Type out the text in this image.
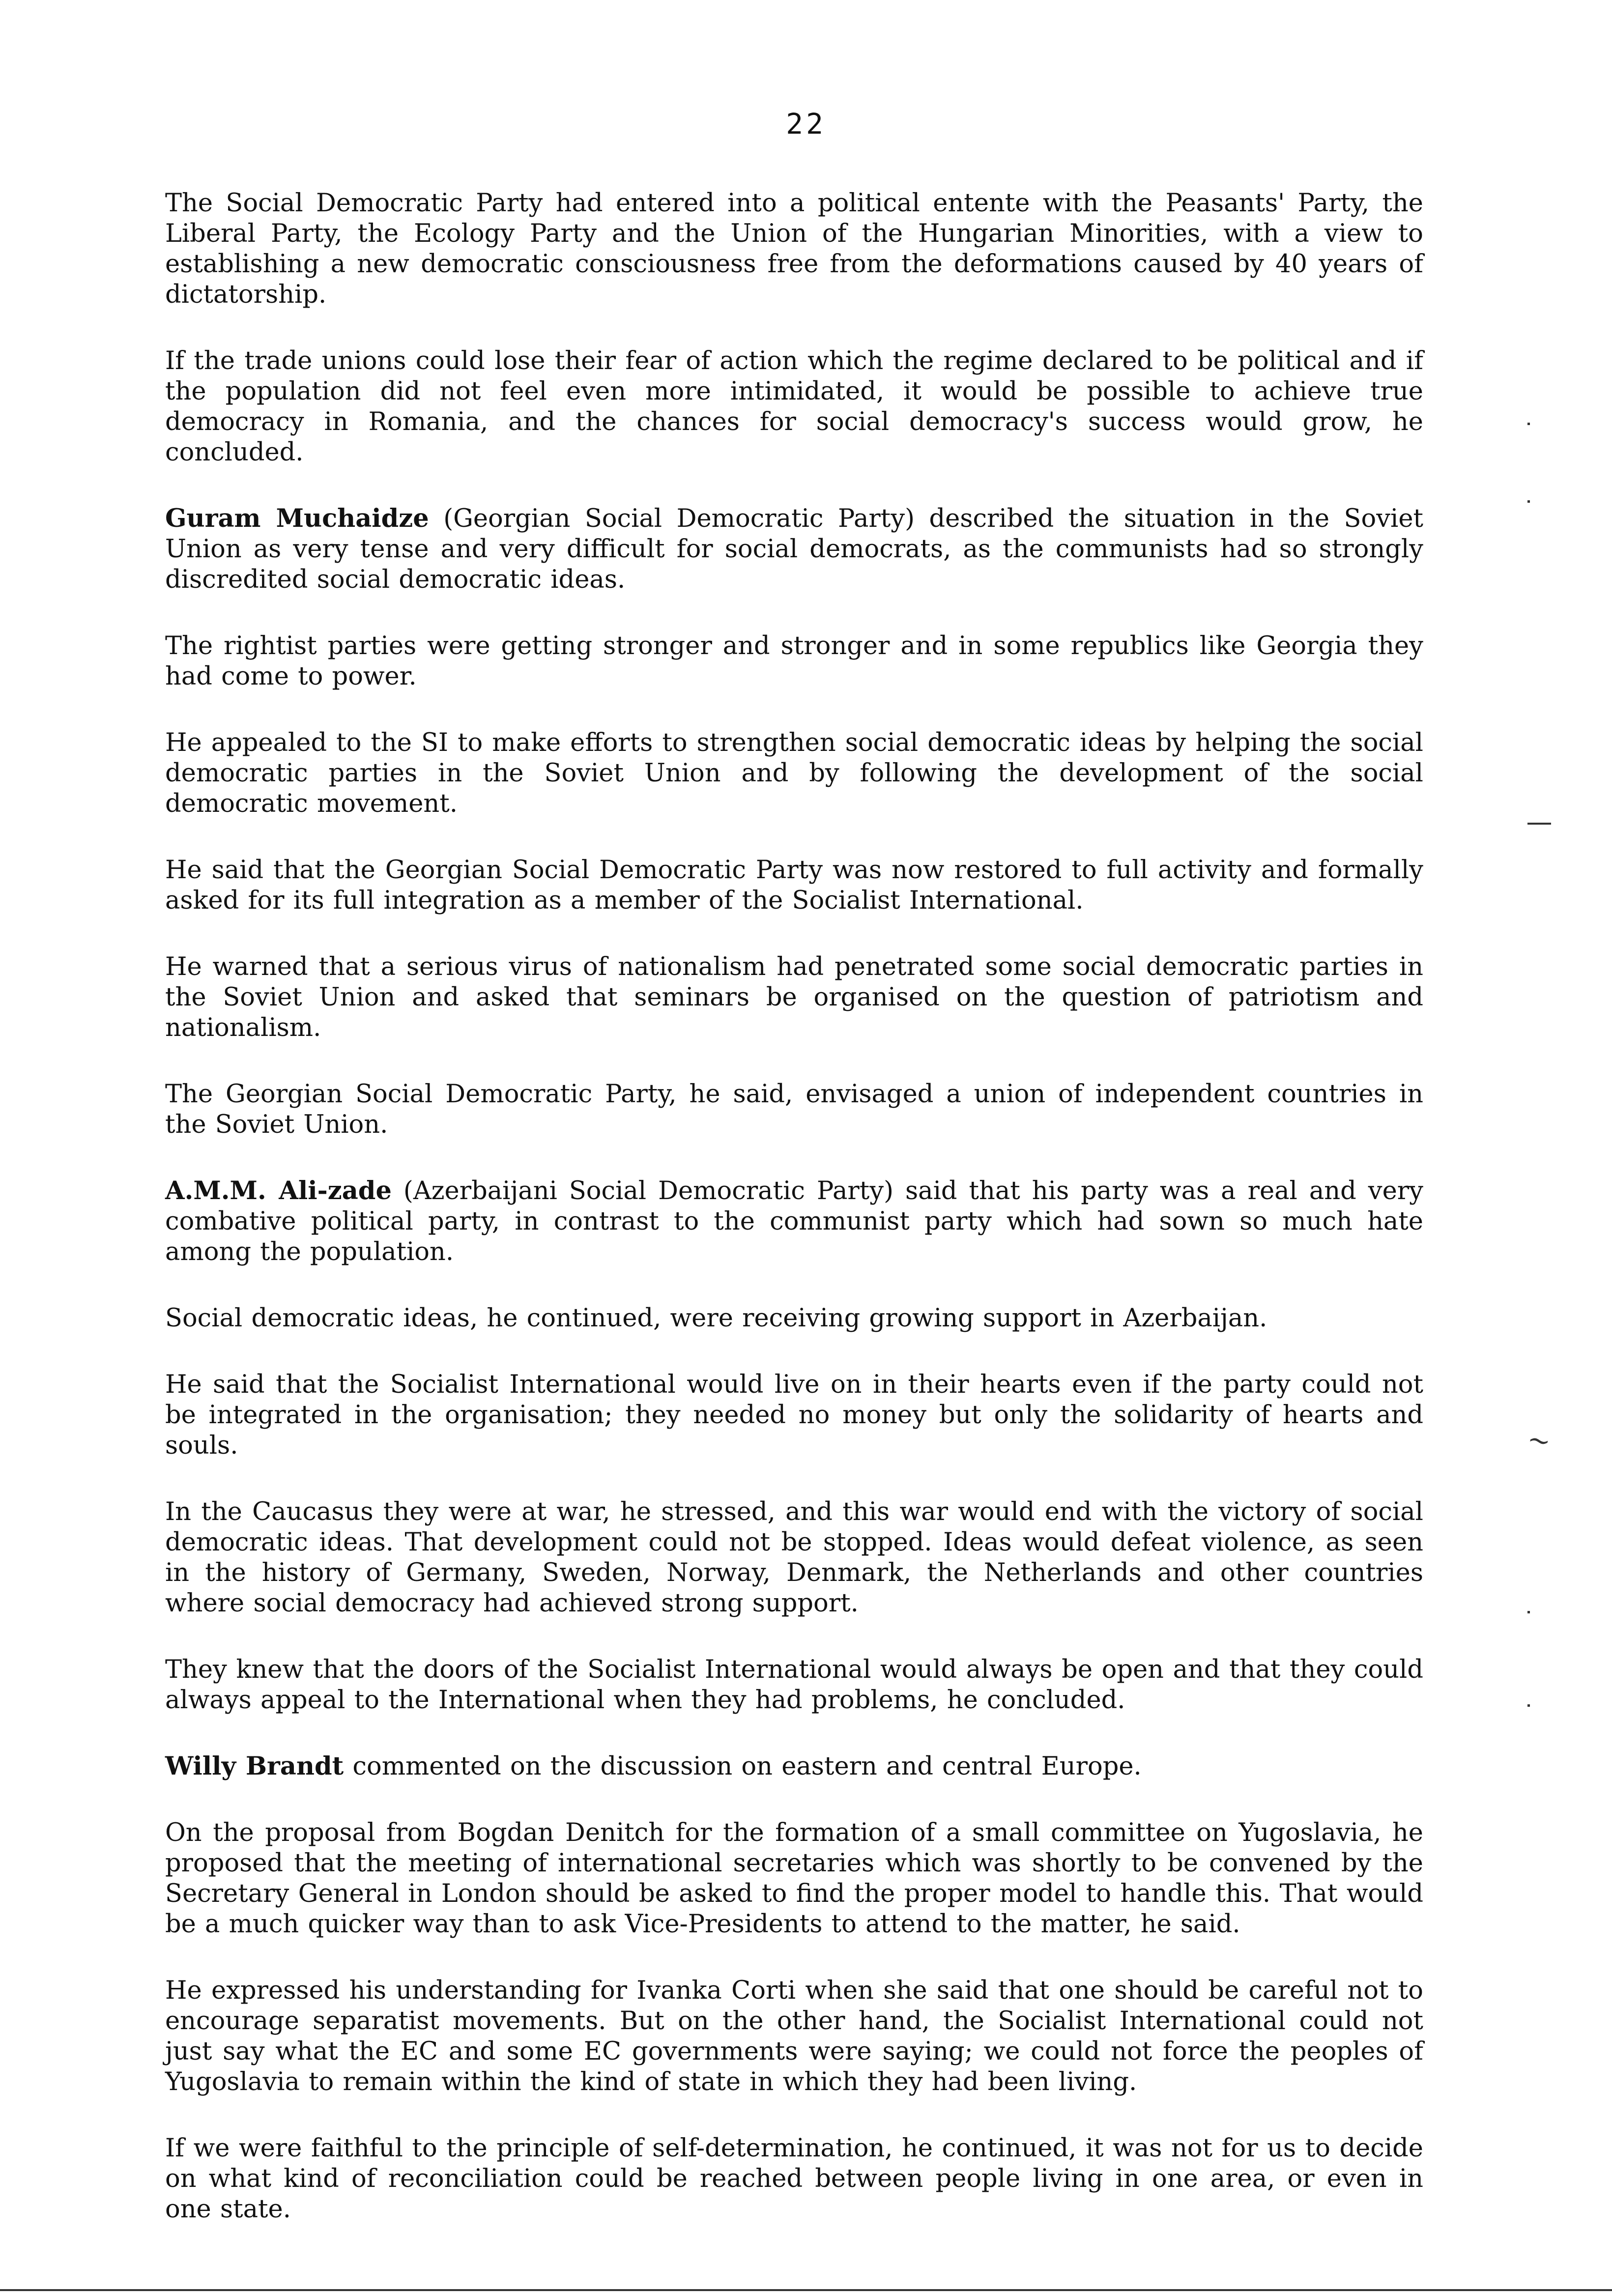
22

The Social Democratic Party had entered into a political entente with the Peasants' Party, the Liberal Party, the Ecology Party and the Union of the Hungarian Minorities, with a view to establishing a new democratic consciousness free from the deformations caused by 40 years of dictatorship.

If the trade unions could lose their fear of action which the regime declared to be political and if the population did not feel even more intimidated, it would be possible to achieve true democracy in Romania, and the chances for social democracy's success would grow, he concluded.

Guram Muchaidze (Georgian Social Democratic Party) described the situation in the Soviet Union as very tense and very difficult for social democrats, as the communists had so strongly discredited social democratic ideas.

The rightist parties were getting stronger and stronger and in some republics like Georgia they had come to power.

He appealed to the SI to make efforts to strengthen social democratic ideas by helping the social democratic parties in the Soviet Union and by following the development of the social democratic movement.

He said that the Georgian Social Democratic Party was now restored to full activity and formally asked for its full integration as a member of the Socialist International.

He warned that a serious virus of nationalism had penetrated some social democratic parties in the Soviet Union and asked that seminars be organised on the question of patriotism and nationalism.

The Georgian Social Democratic Party, he said, envisaged a union of independent countries in the Soviet Union.

A.M.M. Ali-zade (Azerbaijani Social Democratic Party) said that his party was a real and very combative political party, in contrast to the communist party which had sown so much hate among the population.

Social democratic ideas, he continued, were receiving growing support in Azerbaijan.

He said that the Socialist International would live on in their hearts even if the party could not be integrated in the organisation; they needed no money but only the solidarity of hearts and souls.

In the Caucasus they were at war, he stressed, and this war would end with the victory of social democratic ideas. That development could not be stopped. Ideas would defeat violence, as seen in the history of Germany, Sweden, Norway, Denmark, the Netherlands and other countries where social democracy had achieved strong support.

They knew that the doors of the Socialist International would always be open and that they could always appeal to the International when they had problems, he concluded.

Willy Brandt commented on the discussion on eastern and central Europe.

On the proposal from Bogdan Denitch for the formation of a small committee on Yugoslavia, he proposed that the meeting of international secretaries which was shortly to be convened by the Secretary General in London should be asked to find the proper model to handle this. That would be a much quicker way than to ask Vice-Presidents to attend to the matter, he said.

He expressed his understanding for Ivanka Corti when she said that one should be careful not to encourage separatist movements. But on the other hand, the Socialist International could not just say what the EC and some EC governments were saying; we could not force the peoples of Yugoslavia to remain within the kind of state in which they had been living.

If we were faithful to the principle of self-determination, he continued, it was not for us to decide on what kind of reconciliation could be reached between people living in one area, or even in one state.

~
